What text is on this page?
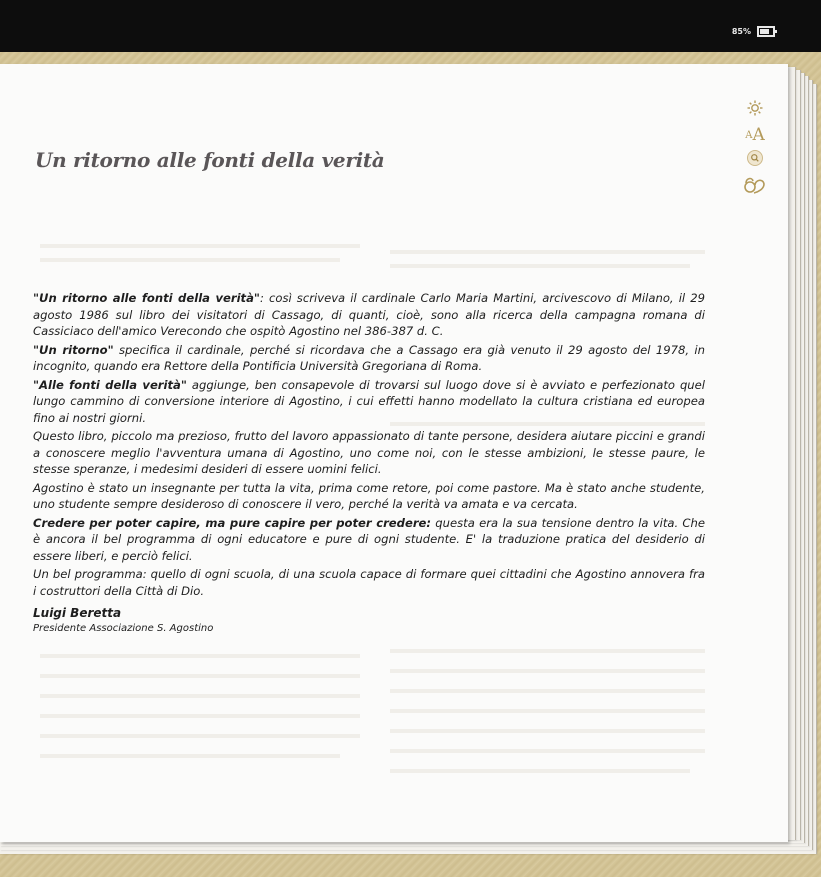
85%
Un ritorno alle fonti della verità

"Un ritorno alle fonti della verità": così scriveva il cardinale Carlo Maria Martini, arcivescovo di Milano, il 29 agosto 1986 sul libro dei visitatori di Cassago, di quanti, cioè, sono alla ricerca della campagna romana di Cassiciaco dell'amico Verecondo che ospitò Agostino nel 386-387 d. C.

"Un ritorno" specifica il cardinale, perché si ricordava che a Cassago era già venuto il 29 agosto del 1978, in incognito, quando era Rettore della Pontificia Università Gregoriana di Roma.

"Alle fonti della verità" aggiunge, ben consapevole di trovarsi sul luogo dove si è avviato e perfezionato quel lungo cammino di conversione interiore di Agostino, i cui effetti hanno modellato la cultura cristiana ed europea fino ai nostri giorni.

Questo libro, piccolo ma prezioso, frutto del lavoro appassionato di tante persone, desidera aiutare piccini e grandi a conoscere meglio l'avventura umana di Agostino, uno come noi, con le stesse ambizioni, le stesse paure, le stesse speranze, i medesimi desideri di essere uomini felici.

Agostino è stato un insegnante per tutta la vita, prima come retore, poi come pastore. Ma è stato anche studente, uno studente sempre desideroso di conoscere il vero, perché la verità va amata e va cercata.

Credere per poter capire, ma pure capire per poter credere: questa era la sua tensione dentro la vita. Che è ancora il bel programma di ogni educatore e pure di ogni studente. E' la traduzione pratica del desiderio di essere liberi, e perciò felici.

Un bel programma: quello di ogni scuola, di una scuola capace di formare quei cittadini che Agostino annovera fra i costruttori della Città di Dio.

Luigi Beretta
Presidente Associazione S. Agostino
A A
